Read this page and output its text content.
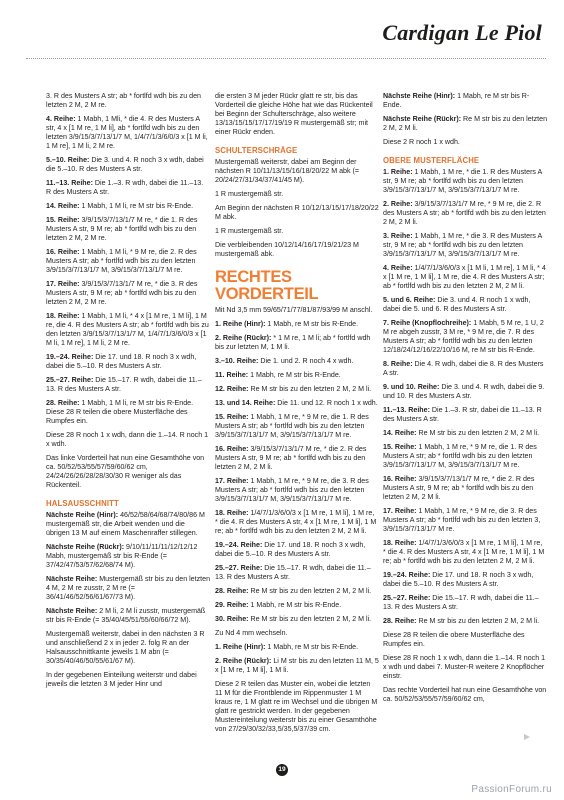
Cardigan Le Piol

3. R des Musters A str; ab * fortlfd wdh bis zu den letzten 2 M, 2 M re.

4. Reihe: 1 Mabh, 1 Mli, * die 4. R des Musters A str, 4 x [1 M re, 1 M li], ab * fortlfd wdh bis zu den letzten 3/9/15/3/7/13/1/7 M, 1/4/7/1/3/6/0/3 x [1 M li, 1 M re], 1 M li, 2 M re.

5.–10. Reihe: Die 3. und 4. R noch 3 x wdh, dabei die 5.–10. R des Musters A str.

11.–13. Reihe: Die 1.–3. R wdh, dabei die 11.–13. R des Musters A str.

14. Reihe: 1 Mabh, 1 M li, re M str bis R-Ende.

15. Reihe: 3/9/15/3/7/13/1/7 M re, * die 1. R des Musters A str, 9 M re; ab * fortlfd wdh bis zu den letzten 2 M, 2 M re.

16. Reihe: 1 Mabh, 1 M li, * 9 M re, die 2. R des Musters A str; ab * fortlfd wdh bis zu den letzten 3/9/15/3/7/13/1/7 M, 3/9/15/3/7/13/1/7 M re.

17. Reihe: 3/9/15/3/7/13/1/7 M re, * die 3. R des Musters A str, 9 M re; ab * fortlfd wdh bis zu den letzten 2 M, 2 M re.

18. Reihe: 1 Mabh, 1 M li, * 4 x [1 M re, 1 M li], 1 M re, die 4. R des Musters A str; ab * fortlfd wdh bis zu den letzten 3/9/15/3/7/13/1/7 M, 1/4/7/1/3/6/0/3 x [1 M li, 1 M re], 1 M li, 2 M re.

19.–24. Reihe: Die 17. und 18. R noch 3 x wdh, dabei die 5.–10. R des Musters A str.

25.–27. Reihe: Die 15.–17. R wdh, dabei die 11.–13. R des Musters A str.

28. Reihe: 1 Mabh, 1 M li, re M str bis R-Ende. Diese 28 R teilen die obere Musterfläche des Rumpfes ein.

Diese 28 R noch 1 x wdh, dann die 1.–14. R noch 1 x wdh.

Das linke Vorderteil hat nun eine Gesamthöhe von ca. 50/52/53/55/57/59/60/62 cm, 24/24/26/26/28/28/30/30 R weniger als das Rückenteil.

HALSAUSSCHNITT

Nächste Reihe (Hinr): 46/52/58/64/68/74/80/86 M mustergemäß str, die Arbeit wenden und die übrigen 13 M auf einem Maschenraffer stillegen.

Nächste Reihe (Rückr): 9/10/11/11/11/12/12/12 Mabh, mustergemäß str bis R-Ende (= 37/42/47/53/57/62/68/74 M).

Nächste Reihe: Mustergemäß str bis zu den letzten 4 M, 2 M re zusstr, 2 M re (= 36/41/46/52/56/61/67/73 M).

Nächste Reihe: 2 M li, 2 M li zusstr, mustergemäß str bis R-Ende (= 35/40/45/51/55/60/66/72 M).

Mustergemäß weiterstr, dabei in den nächsten 3 R und anschließend 2 x in jeder 2. folg R an der Halsausschnittkante jeweils 1 M abn (= 30/35/40/46/50/55/61/67 M).

In der gegebenen Einteilung weiterstr und dabei jeweils die letzten 3 M jeder Hinr und

die ersten 3 M jeder Rückr glatt re str, bis das Vorderteil die gleiche Höhe hat wie das Rückenteil bei Beginn der Schulterschräge, also weitere 13/13/15/15/17/17/19/19 R mustergemäß str; mit einer Rückr enden.

SCHULTERSCHRÄGE

Mustergemäß weiterstr, dabei am Beginn der nächsten R 10/11/13/15/16/18/20/22 M abk (= 20/24/27/31/34/37/41/45 M).

1 R mustergemäß str.

Am Beginn der nächsten R 10/12/13/15/17/18/20/22 M abk.

1 R mustergemäß str.

Die verbleibenden 10/12/14/16/17/19/21/23 M mustergemäß abk.

RECHTES VORDERTEIL

Mit Nd 3,5 mm 59/65/71/77/81/87/93/99 M anschl.

1. Reihe (Hinr): 1 Mabh, re M str bis R-Ende.

2. Reihe (Rückr): * 1 M re, 1 M li; ab * fortlfd wdh bis zur letzten M, 1 M li.

3.–10. Reihe: Die 1. und 2. R noch 4 x wdh.

11. Reihe: 1 Mabh, re M str bis R-Ende.

12. Reihe: Re M str bis zu den letzten 2 M, 2 M li.

13. und 14. Reihe: Die 11. und 12. R noch 1 x wdh.

15. Reihe: 1 Mabh, 1 M re, * 9 M re, die 1. R des Musters A str; ab * fortlfd wdh bis zu den letzten 3/9/15/3/7/13/1/7 M, 3/9/15/3/7/13/1/7 M re.

16. Reihe: 3/9/15/3/7/13/1/7 M re, * die 2. R des Musters A str, 9 M re; ab * fortlfd wdh bis zu den letzten 2 M, 2 M li.

17. Reihe: 1 Mabh, 1 M re, * 9 M re, die 3. R des Musters A str; ab * fortlfd wdh bis zu den letzten 3/9/15/3/7/13/1/7 M, 3/9/15/3/7/13/1/7 M re.

18. Reihe: 1/4/7/1/3/6/0/3 x [1 M re, 1 M li], 1 M re, * die 4. R des Musters A str, 4 x [1 M re, 1 M li], 1 M re; ab * fortlfd wdh bis zu den letzten 2 M, 2 M li.

19.–24. Reihe: Die 17. und 18. R noch 3 x wdh, dabei die 5.–10. R des Musters A str.

25.–27. Reihe: Die 15.–17. R wdh, dabei die 11.–13. R des Musters A str.

28. Reihe: Re M str bis zu den letzten 2 M, 2 M li.

29. Reihe: 1 Mabh, re M str bis R-Ende.

30. Reihe: Re M str bis zu den letzten 2 M, 2 M li.

Zu Nd 4 mm wechseln.

1. Reihe (Hinr): 1 Mabh, re M str bis R-Ende.

2. Reihe (Rückr): Li M str bis zu den letzten 11 M, 5 x [1 M re, 1 M li], 1 M li.

Diese 2 R teilen das Muster ein, wobei die letzten 11 M für die Frontblende im Rippenmuster 1 M kraus re, 1 M glatt re im Wechsel und die übrigen M glatt re gestrickt werden. In der gegebenen Mustereinteilung weiterstr bis zu einer Gesamthöhe von 27/29/30/32/33,5/35,5/37/39 cm.

Nächste Reihe (Hinr): 1 Mabh, re M str bis R-Ende.

Nächste Reihe (Rückr): Re M str bis zu den letzten 2 M, 2 M li.

Diese 2 R noch 1 x wdh.

OBERE MUSTERFLÄCHE

1. Reihe: 1 Mabh, 1 M re, * die 1. R des Musters A str, 9 M re; ab * fortlfd wdh bis zu den letzten 3/9/15/3/7/13/1/7 M, 3/9/15/3/7/13/1/7 M re.

2. Reihe: 3/9/15/3/7/13/1/7 M re, * 9 M re, die 2. R des Musters A str; ab * fortlfd wdh bis zu den letzten 2 M, 2 M li.

3. Reihe: 1 Mabh, 1 M re, * die 3. R des Musters A str, 9 M re; ab * fortlfd wdh bis zu den letzten 3/9/15/3/7/13/1/7 M, 3/9/15/3/7/13/1/7 M re.

4. Reihe: 1/4/7/1/3/6/0/3 x [1 M li, 1 M re], 1 M li, * 4 x [1 M re, 1 M li], 1 M re, die 4. R des Musters A str; ab * fortlfd wdh bis zu den letzten 2 M, 2 M li.

5. und 6. Reihe: Die 3. und 4. R noch 1 x wdh, dabei die 5. und 6. R des Musters A str.

7. Reihe (Knopflochreihe): 1 Mabh, 5 M re, 1 U, 2 M re abgeh zusstr, 3 M re, * 9 M re, die 7. R des Musters A str; ab * fortlfd wdh bis zu den letzten 12/18/24/12/16/22/10/16 M, re M str bis R-Ende.

8. Reihe: Die 4. R wdh, dabei die 8. R des Musters A str.

9. und 10. Reihe: Die 3. und 4. R wdh, dabei die 9. und 10. R des Musters A str.

11.–13. Reihe: Die 1.–3. R str, dabei die 11.–13. R des Musters A str.

14. Reihe: Re M str bis zu den letzten 2 M, 2 M li.

15. Reihe: 1 Mabh, 1 M re, * 9 M re, die 1. R des Musters A str; ab * fortlfd wdh bis zu den letzten 3/9/15/3/7/13/1/7 M, 3/9/15/3/7/13/1/7 M re.

16. Reihe: 3/9/15/3/7/13/1/7 M re, * die 2. R des Musters A str, 9 M re; ab * fortlfd wdh bis zu den letzten 2 M, 2 M li.

17. Reihe: 1 Mabh, 1 M re, * 9 M re, die 3. R des Musters A str; ab * fortlfd wdh bis zu den letzten 3, 3/9/15/3/7/13/1/7 M re.

18. Reihe: 1/4/7/1/3/6/0/3 x [1 M re, 1 M li], 1 M re, * die 4. R des Musters A str, 4 x [1 M re, 1 M li], 1 M re; ab * fortlfd wdh bis zu den letzten 2 M, 2 M li.

19.–24. Reihe: Die 17. und 18. R noch 3 x wdh, dabei die 5.–10. R des Musters A str.

25.–27. Reihe: Die 15.–17. R wdh, dabei die 11.–13. R des Musters A str.

28. Reihe: Re M str bis zu den letzten 2 M, 2 M li.

Diese 28 R teilen die obere Musterfläche des Rumpfes ein.

Diese 28 R noch 1 x wdh, dann die 1.–14. R noch 1 x wdh und dabei 7. Muster-R weitere 2 Knopflöcher einstr.

Das rechte Vorderteil hat nun eine Gesamthöhe von ca. 50/52/53/55/57/59/60/62 cm,

19
PassionForum.ru
